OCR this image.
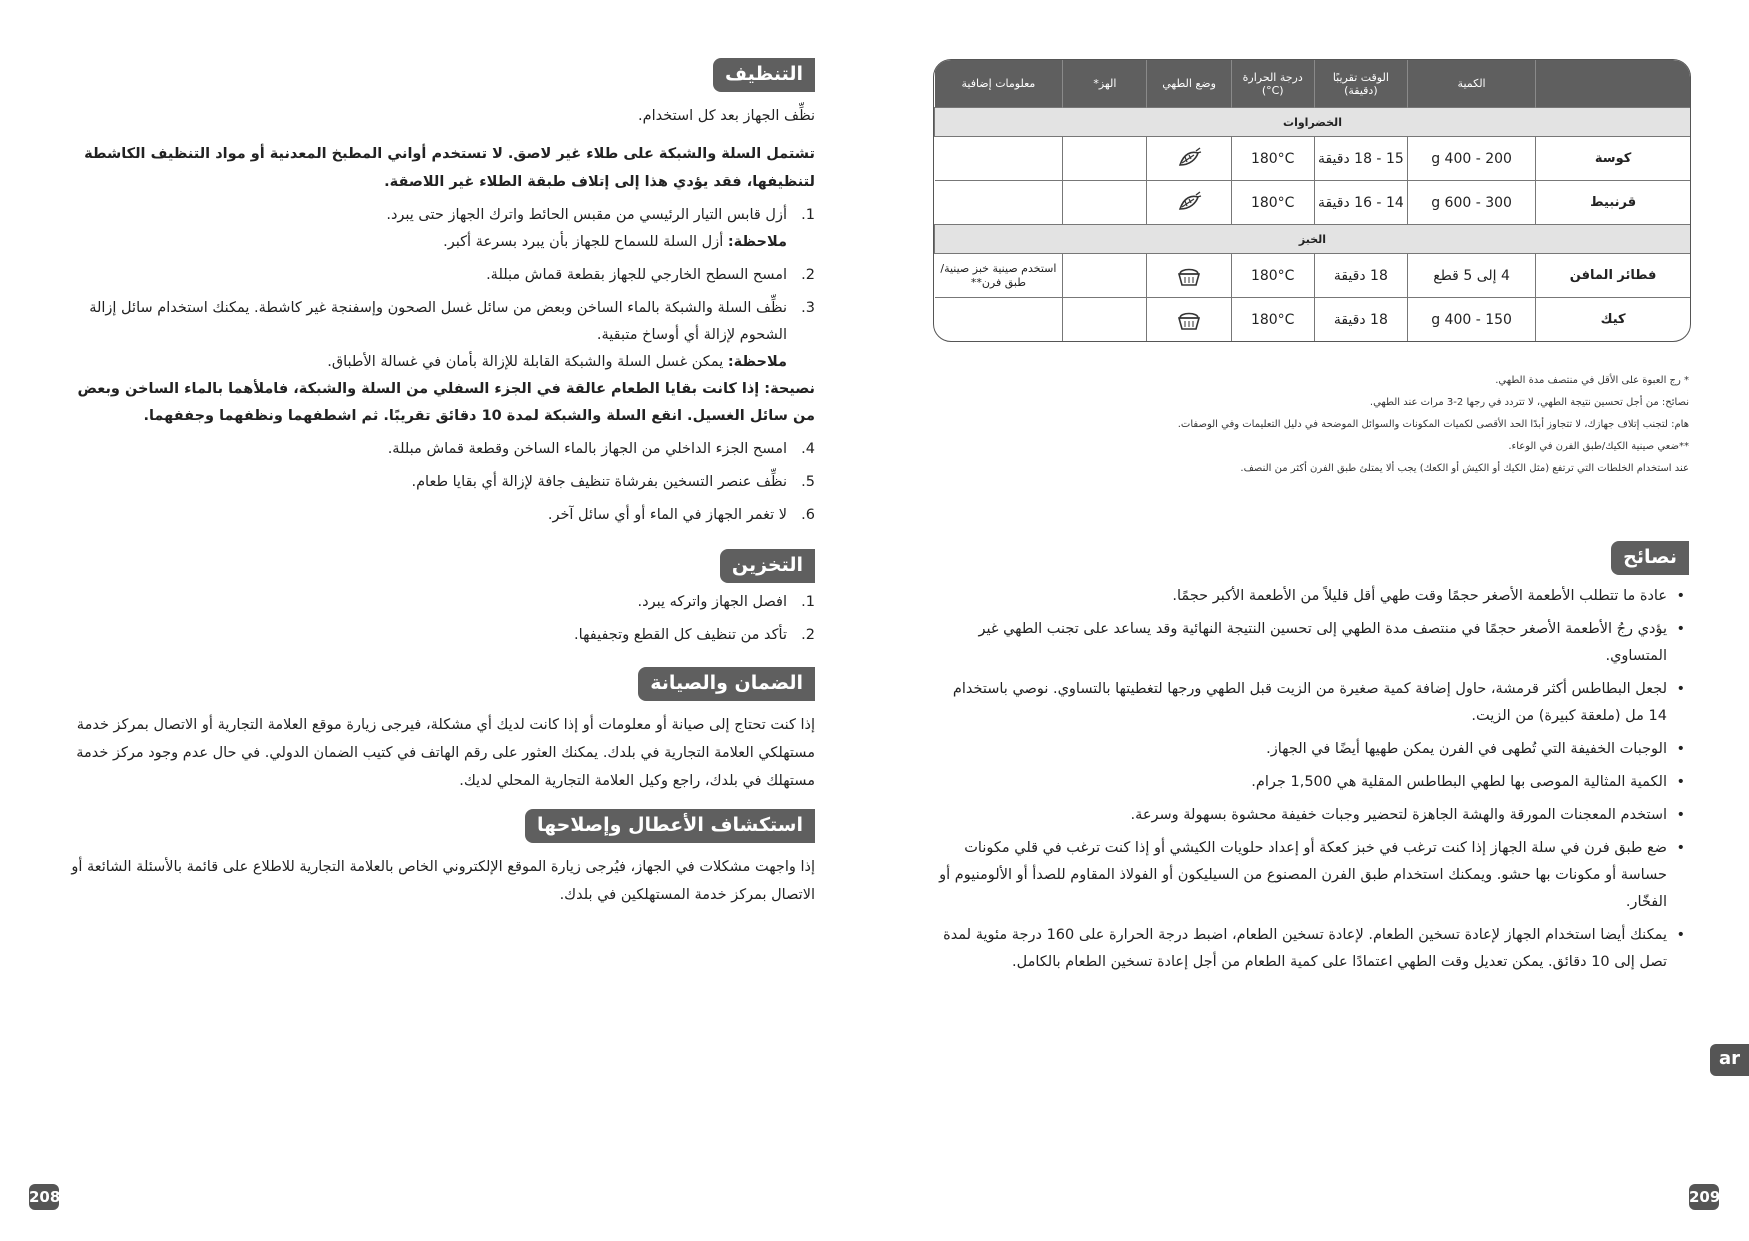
	الكمية	الوقت تقريبًا (دقيقة)	درجة الحرارة (C°)	وضع الطهي	الهز*	معلومات إضافية
الخضراوات						
كوسة	200 - 400 g	15 - 18 دقيقة	180°C	

قرنبيط	300 - 600 g	14 - 16 دقيقة	180°C	

الخبز						
فطائر المافن	4 إلى 5 قطع	18 دقيقة	180°C			استخدم صينية خبز صينية/ طبق فرن**
كيك	150 - 400 g	18 دقيقة	180°C	

* رج العبوة على الأقل في منتصف مدة الطهي.
نصائح: من أجل تحسين نتيجة الطهي، لا تتردد في رجها 2-3 مرات عند الطهي.
هام: لتجنب إتلاف جهازك، لا تتجاوز أبدًا الحد الأقصى لكميات المكونات والسوائل الموضحة في دليل التعليمات وفي الوصفات.
**ضعي صينية الكيك/طبق الفرن في الوعاء.
عند استخدام الخلطات التي ترتفع (مثل الكيك أو الكيش أو الكعك) يجب ألا يمتلئ طبق الفرن أكثر من النصف.
نصائح
• عادة ما تتطلب الأطعمة الأصغر حجمًا وقت طهي أقل قليلاً من الأطعمة الأكبر حجمًا.
• يؤدي رجُ الأطعمة الأصغر حجمًا في منتصف مدة الطهي إلى تحسين النتيجة النهائية وقد يساعد على تجنب الطهي غير المتساوي.
• لجعل البطاطس أكثر قرمشة، حاول إضافة كمية صغيرة من الزيت قبل الطهي ورجها لتغطيتها بالتساوي. نوصي باستخدام 14 مل (ملعقة كبيرة) من الزيت.
• الوجبات الخفيفة التي تُطهى في الفرن يمكن طهيها أيضًا في الجهاز.
• الكمية المثالية الموصى بها لطهي البطاطس المقلية هي 1,500 جرام.
• استخدم المعجنات المورقة والهشة الجاهزة لتحضير وجبات خفيفة محشوة بسهولة وسرعة.
• ضع طبق فرن في سلة الجهاز إذا كنت ترغب في خبز كعكة أو إعداد حلويات الكيشي أو إذا كنت ترغب في قلي مكونات حساسة أو مكونات بها حشو. ويمكنك استخدام طبق الفرن المصنوع من السيليكون أو الفولاذ المقاوم للصدأ أو الألومنيوم أو الفخّار.
• يمكنك أيضا استخدام الجهاز لإعادة تسخين الطعام. لإعادة تسخين الطعام، اضبط درجة الحرارة على 160 درجة مئوية لمدة تصل إلى 10 دقائق. يمكن تعديل وقت الطهي اعتمادًا على كمية الطعام من أجل إعادة تسخين الطعام بالكامل.
التنظيف

نظِّف الجهاز بعد كل استخدام.

تشتمل السلة والشبكة على طلاء غير لاصق. لا تستخدم أواني المطبخ المعدنية أو مواد التنظيف الكاشطة لتنظيفها، فقد يؤدي هذا إلى إتلاف طبقة الطلاء غير اللاصقة.

1.
أزل قابس التيار الرئيسي من مقبس الحائط واترك الجهاز حتى يبرد.
ملاحظة: أزل السلة للسماح للجهاز بأن يبرد بسرعة أكبر.
2.
امسح السطح الخارجي للجهاز بقطعة قماش مبللة.
3.
نظِّف السلة والشبكة بالماء الساخن وبعض من سائل غسل الصحون وإسفنجة غير كاشطة. يمكنك استخدام سائل إزالة الشحوم لإزالة أي أوساخ متبقية.
ملاحظة: يمكن غسل السلة والشبكة القابلة للإزالة بأمان في غسالة الأطباق.
نصيحة: إذا كانت بقايا الطعام عالقة في الجزء السفلي من السلة والشبكة، فاملأهما بالماء الساخن وبعض من سائل الغسيل. انقع السلة والشبكة لمدة 10 دقائق تقريبًا. ثم اشطفهما ونظفهما وجففهما.
4.
امسح الجزء الداخلي من الجهاز بالماء الساخن وقطعة قماش مبللة.
5.
نظِّف عنصر التسخين بفرشاة تنظيف جافة لإزالة أي بقايا طعام.
6.
لا تغمر الجهاز في الماء أو أي سائل آخر.
التخزين
1.
افصل الجهاز واتركه يبرد.
2.
تأكد من تنظيف كل القطع وتجفيفها.
الضمان والصيانة

إذا كنت تحتاج إلى صيانة أو معلومات أو إذا كانت لديك أي مشكلة، فيرجى زيارة موقع العلامة التجارية أو الاتصال بمركز خدمة مستهلكي العلامة التجارية في بلدك. يمكنك العثور على رقم الهاتف في كتيب الضمان الدولي. في حال عدم وجود مركز خدمة مستهلك في بلدك، راجع وكيل العلامة التجارية المحلي لديك.

استكشاف الأعطال وإصلاحها

إذا واجهت مشكلات في الجهاز، فيُرجى زيارة الموقع الإلكتروني الخاص بالعلامة التجارية للاطلاع على قائمة بالأسئلة الشائعة أو الاتصال بمركز خدمة المستهلكين في بلدك.

208	209
ar
